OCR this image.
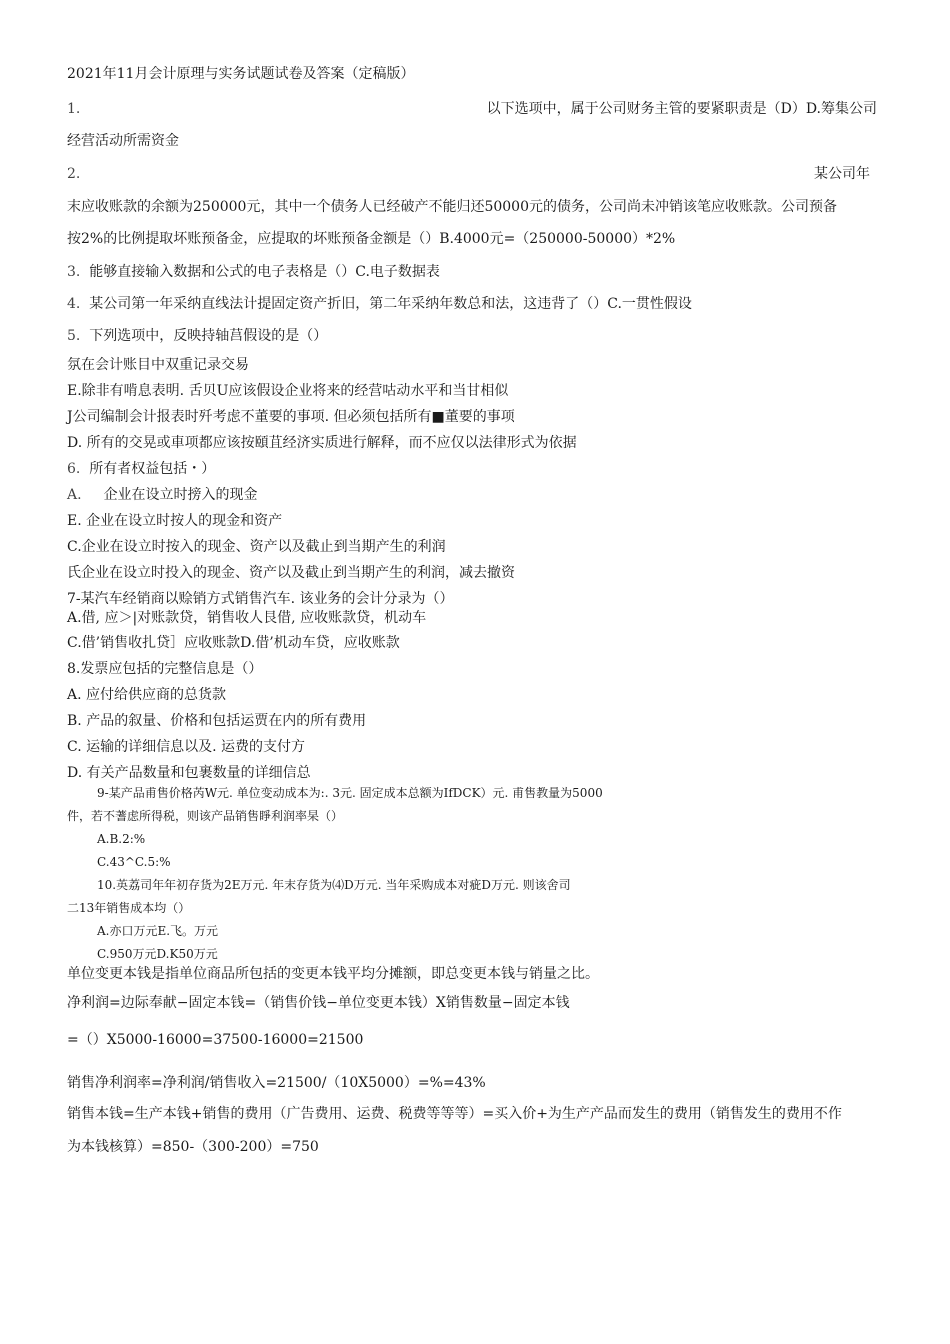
2021年11月会计原理与实务试题试卷及答案（定稿版）
1.	以下选项中，属于公司财务主管的要紧职责是（D）D.筹集公司
经营活动所需资金
2.	某公司年
末应收账款的余额为250000元，其中一个债务人已经破产不能归还50000元的债务，公司尚未冲销该笔应收账款。公司预备
按2%的比例提取坏账预备金，应提取的坏账预备金额是（）B.4000元=（250000-50000）*2%
3. 能够直接输入数据和公式的电子表格是（）C.电子数据表
4. 某公司第一年采纳直线法计提固定资产折旧，第二年采纳年数总和法，这违背了（）C.一贯性假设
5. 下列选项中，反映持轴莒假设的是（）
氛在会计账目中双重记录交易
E.除非有啃息表明. 舌贝U应该假设企业将来的经营咕动水平和当甘相似
J公司编制会计报表时歼考虑不董要的事项. 但必须包括所有■董要的事项
D. 所有的交晃或車项都应该按頤苴经济实质进行解释，而不应仅以法律形式为依据
6. 所有者权益包括・）
A. 企业在设立时搒入的现金
E. 企业在设立时按人的现金和资产
C.企业在设立时按入的现金、资产以及截止到当期产生的利润
氏企业在设立时投入的现金、资产以及截止到当期产生的利润，减去撤资
7-某汽车经销商以赊销方式销售汽车. 该业务的会计分录为（）
A.借, 应＞|对账款贷，销售收人艮借, 应收账款贷，机动车
C.借’销售收扎贷］应收账款D.借’机动车贷，应收账款
8.发票应包括的完整信息是（）
A. 应付给供应商的总货款
B. 产品的叙量、价格和包括运贾在内的所有费用
C. 运输的详细信息以及. 运费的支付方
D. 有关产品数量和包裹数量的详细信总
9-某产品甫售价格芮W元. 单位变动成本为:. 3元. 固定成本总额为IfDCK）元. 甫售教量为5000
件，若不蓍虑所得税，则该产品销售睜利润率杲（）
A.B.2:%
C.43^C.5:%
10.英荔司年年初存货为2E万元. 年末存货为⑷D万元. 当年采购成本对疵D万元. 则该舍司
二13年销售成本均（）
A.亦口万元E.飞。万元
C.950万元D.K50万元
单位变更本钱是指单位商品所包括的变更本钱平均分摊额，即总变更本钱与销量之比。
净利润=边际奉献−固定本钱=（销售价钱−单位变更本钱）X销售数量−固定本钱
=（）X5000-16000=37500-16000=21500
销售净利润率=净利润/销售收入=21500/（10X5000）=%=43%
销售本钱=生产本钱+销售的费用（广告费用、运费、税费等等等）=买入价+为生产产品而发生的费用（销售发生的费用不作
为本钱核算）=850-（300-200）=750
